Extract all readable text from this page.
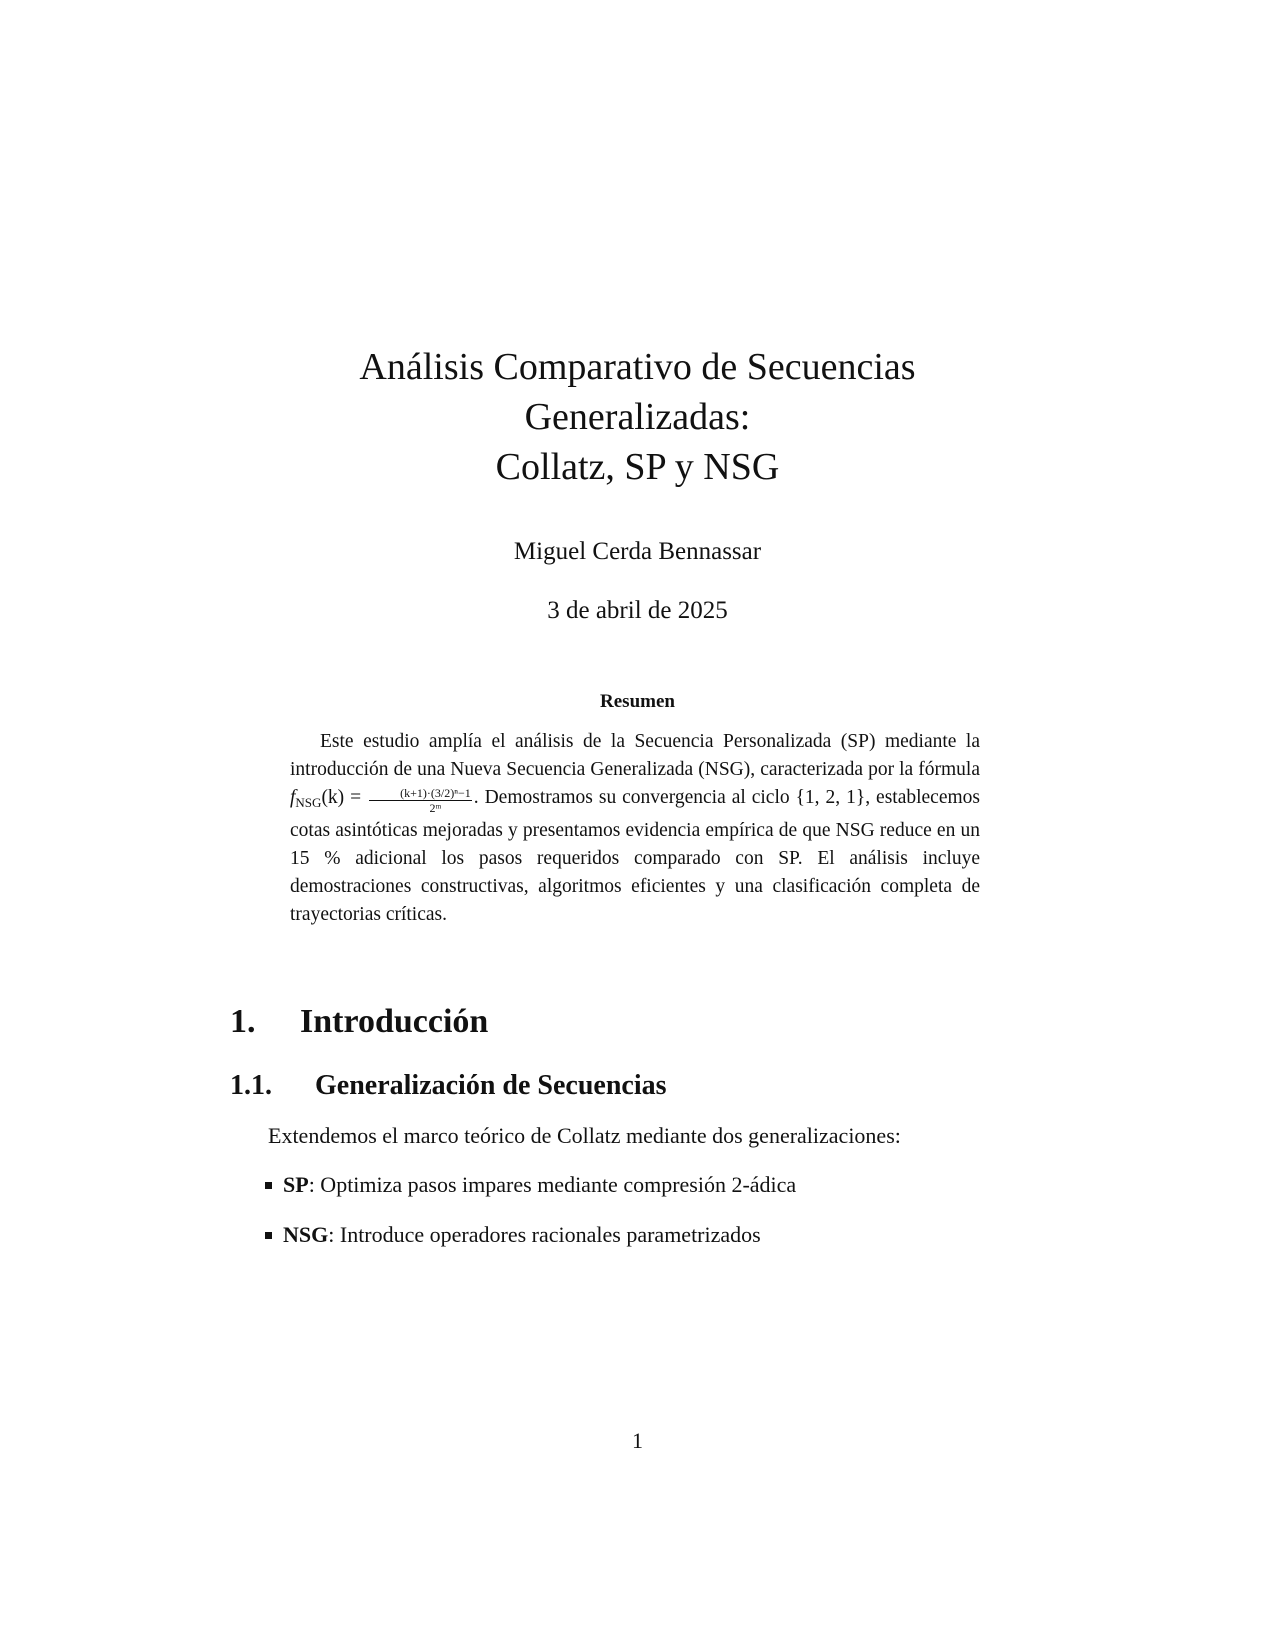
Análisis Comparativo de Secuencias
Generalizadas:
Collatz, SP y NSG
Miguel Cerda Bennassar
3 de abril de 2025
Resumen

Este estudio amplía el análisis de la Secuencia Personalizada (SP) mediante la introducción de una Nueva Secuencia Generalizada (NSG), caracterizada por la fórmula $f_{NSG}(k) = \frac{\text{(k+1)·(3/2)ⁿ−1}}{\text{2ᵐ}}$ . Demostramos su convergencia al ciclo {1, 2, 1}, establecemos cotas asintóticas mejoradas y presentamos evidencia empírica de que NSG reduce en un 15 % adicional los pasos requeridos comparado con SP. El análisis incluye demostraciones constructivas, algoritmos eficientes y una clasificación completa de trayectorias críticas.

1. Introducción
1.1. Generalización de Secuencias
Extendemos el marco teórico de Collatz mediante dos generalizaciones:
SP: Optimiza pasos impares mediante compresión 2-ádica
NSG: Introduce operadores racionales parametrizados
1
